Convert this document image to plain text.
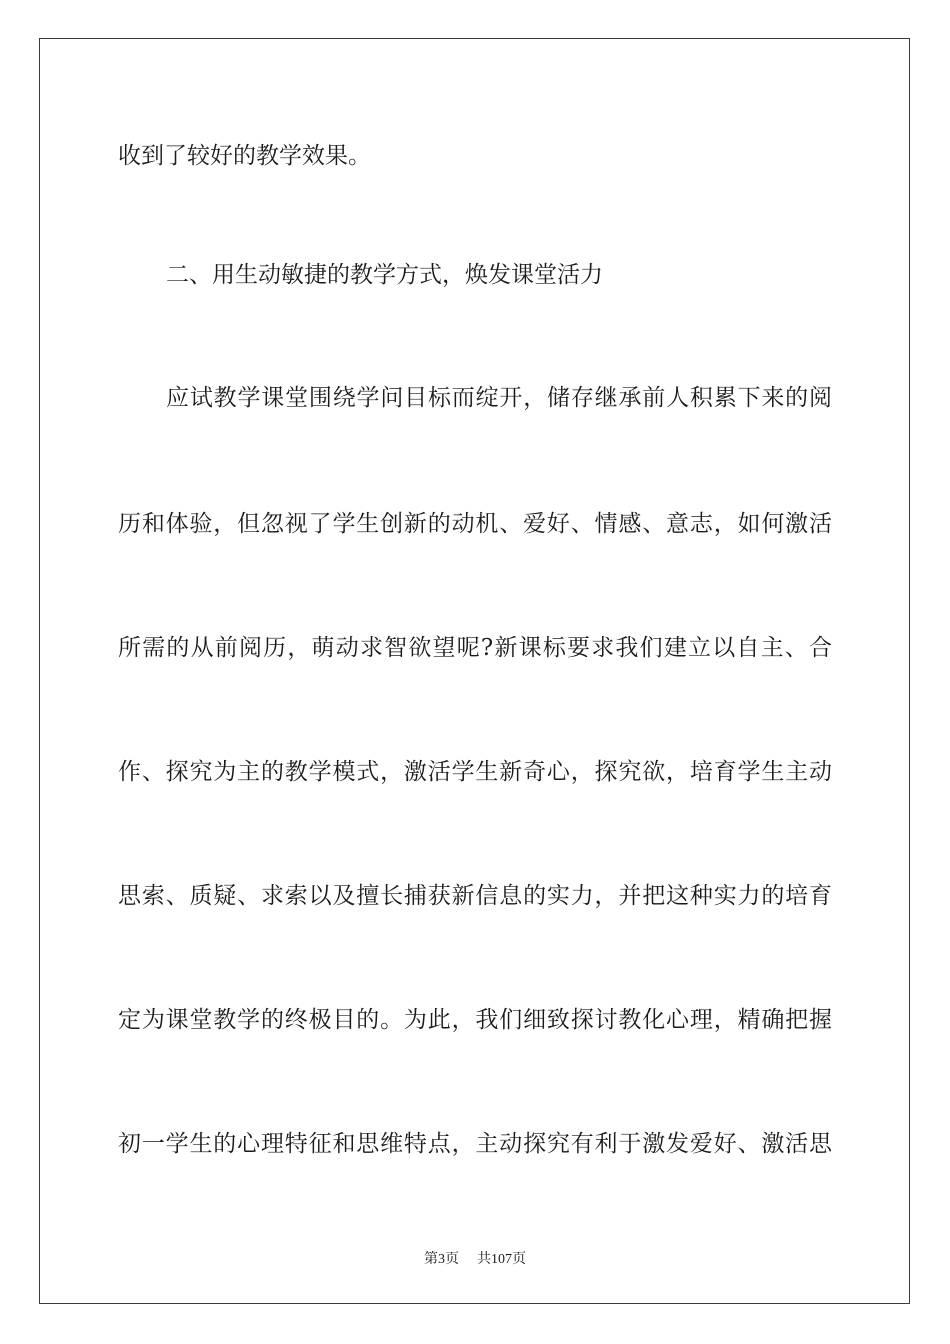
收到了较好的教学效果。
二、用生动敏捷的教学方式，焕发课堂活力
应试教学课堂围绕学问目标而绽开，储存继承前人积累下来的阅
历和体验，但忽视了学生创新的动机、爱好、情感、意志，如何激活
所需的从前阅历，萌动求智欲望呢?新课标要求我们建立以自主、合
作、探究为主的教学模式，激活学生新奇心，探究欲，培育学生主动
思索、质疑、求索以及擅长捕获新信息的实力，并把这种实力的培育
定为课堂教学的终极目的。为此，我们细致探讨教化心理，精确把握
初一学生的心理特征和思维特点，主动探究有利于激发爱好、激活思
第3页 共107页
